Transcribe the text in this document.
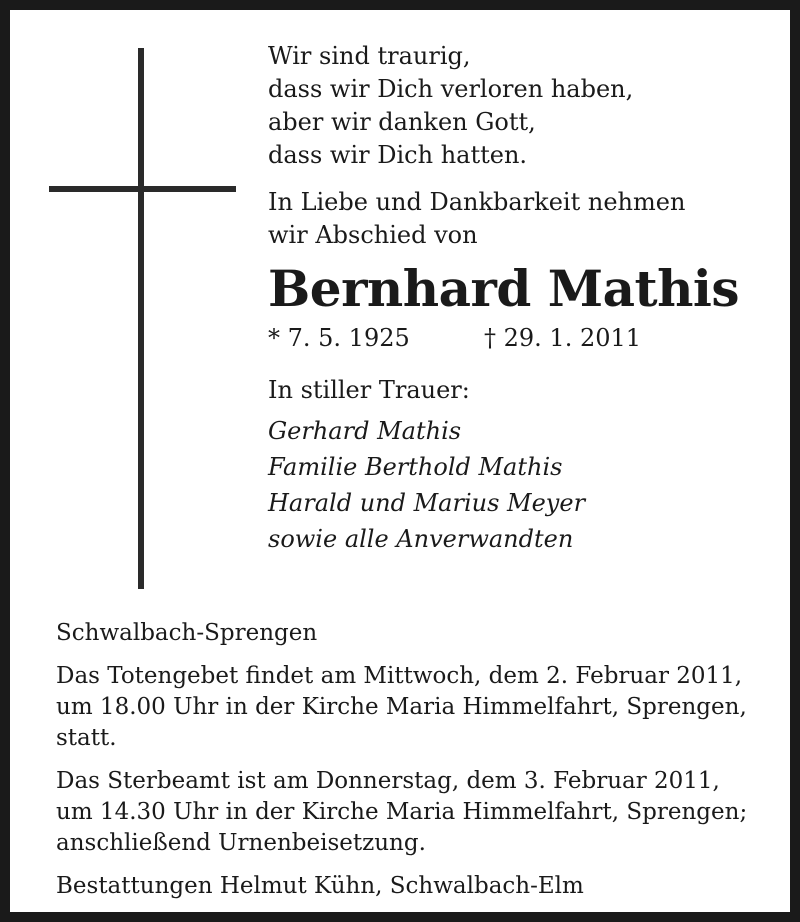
Wir sind traurig,
dass wir Dich verloren haben,
aber wir danken Gott,
dass wir Dich hatten.
In Liebe und Dankbarkeit nehmen
wir Abschied von
Bernhard Mathis
* 7. 5. 1925	† 29. 1. 2011
In stiller Trauer:
Gerhard Mathis
Familie Berthold Mathis
Harald und Marius Meyer
sowie alle Anverwandten
Schwalbach-Sprengen
Das Totengebet findet am Mittwoch, dem 2. Februar 2011,
um 18.00 Uhr in der Kirche Maria Himmelfahrt, Sprengen,
statt.
Das Sterbeamt ist am Donnerstag, dem 3. Februar 2011,
um 14.30 Uhr in der Kirche Maria Himmelfahrt, Sprengen;
anschließend Urnenbeisetzung.
Bestattungen Helmut Kühn, Schwalbach-Elm
